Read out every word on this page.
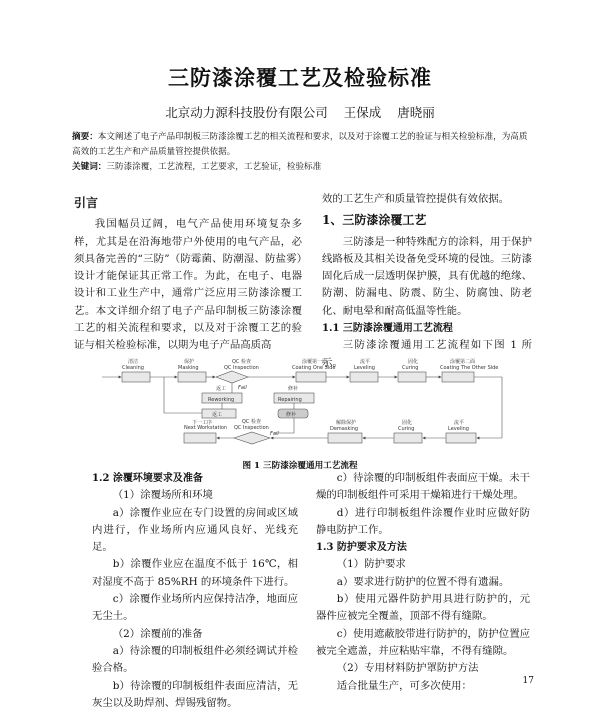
三防漆涂覆工艺及检验标准
北京动力源科技股份有限公司 王保成 唐晓丽
摘要：本文阐述了电子产品印制板三防漆涂覆工艺的相关流程和要求，以及对于涂覆工艺的验证与相关检验标准，为高质高效的工艺生产和产品质量管控提供依据。
关键词：三防漆涂覆，工艺流程，工艺要求，工艺验证，检验标准

引言

我国幅员辽阔，电气产品使用环境复杂多样，尤其是在沿海地带户外使用的电气产品，必须具备完善的“三防”（防霉菌、防潮湿、防盐雾）设计才能保证其正常工作。为此，在电子、电器设计和工业生产中，通常广泛应用三防漆涂覆工艺。本文详细介绍了电子产品印制板三防漆涂覆工艺的相关流程和要求，以及对于涂覆工艺的验证与相关检验标准，以期为电子产品高质高

效的工艺生产和质量管控提供有效依据。

1、三防漆涂覆工艺

三防漆是一种特殊配方的涂料，用于保护线路板及其相关设备免受环境的侵蚀。三防漆固化后成一层透明保护膜，具有优越的绝缘、防潮、防漏电、防震、防尘、防腐蚀、防老化、耐电晕和耐高低温等性能。

1.1 三防漆涂覆通用工艺流程

三防漆涂覆通用工艺流程如下图 1 所示。

清洁
Cleaning
保护
Masking
QC 检查
QC Inspection
涂覆第一面
Coating One Side
流平
Leveling
固化
Curing
涂覆第二面
Coating The Other Side
返工
Reworking
返工
修补
Repairing
修补
Fail
Fail
下一工序
Next Workstation
QC 检查
QC Inspection
解除保护
Demasking
固化
Curing
流平
Leveling
图 1 三防漆涂覆通用工艺流程

1.2 涂覆环境要求及准备

（1）涂覆场所和环境

a）涂覆作业应在专门设置的房间或区域内进行，作业场所内应通风良好、光线充足。

b）涂覆作业应在温度不低于 16℃，相对湿度不高于 85%RH 的环境条件下进行。

c）涂覆作业场所内应保持洁净，地面应无尘土。

（2）涂覆前的准备

a）待涂覆的印制板组件必须经调试并检验合格。

b）待涂覆的印制板组件表面应清洁，无灰尘以及助焊剂、焊锡残留物。

c）待涂覆的印制板组件表面应干燥。未干燥的印制板组件可采用干燥箱进行干燥处理。

d）进行印制板组件涂覆作业时应做好防静电防护工作。

1.3 防护要求及方法

（1）防护要求

a）要求进行防护的位置不得有遗漏。

b）使用元器件防护用具进行防护的，元器件应被完全覆盖，顶部不得有缝隙。

c）使用遮蔽胶带进行防护的，防护位置应被完全遮盖，并应粘贴牢靠，不得有缝隙。

（2）专用材料防护罩防护方法

适合批量生产，可多次使用：	17
